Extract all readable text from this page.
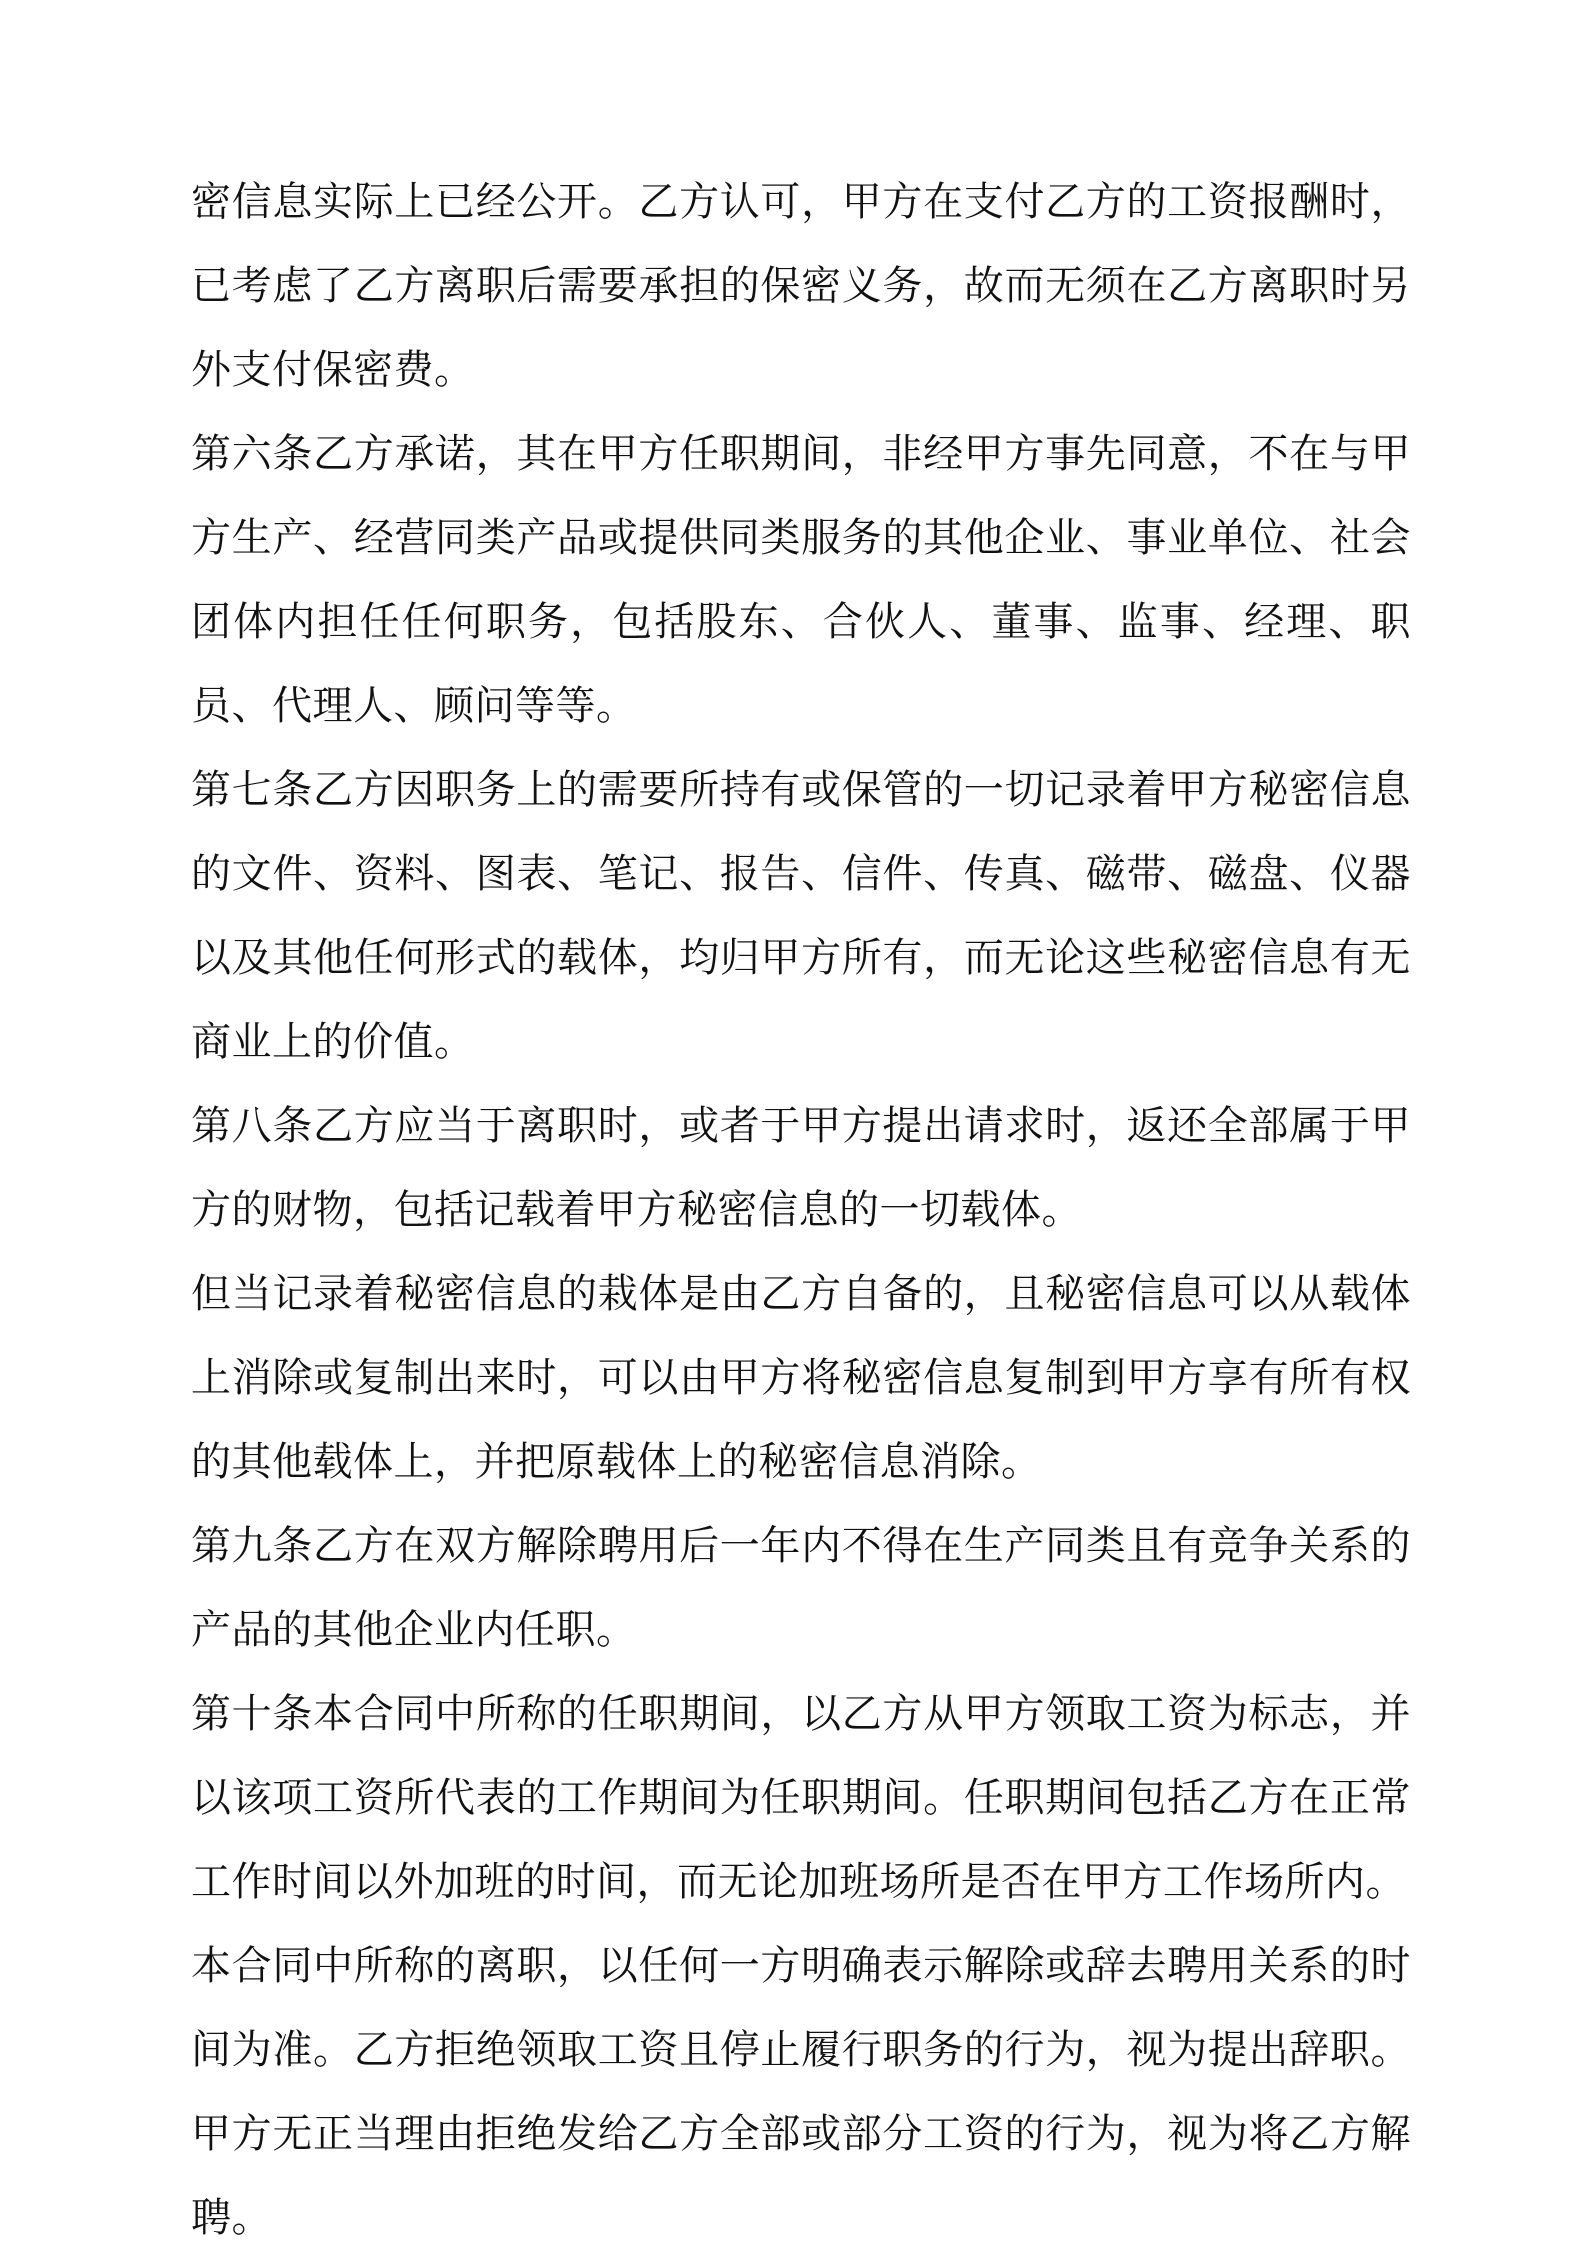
密信息实际上已经公开。乙方认可，甲方在支付乙方的工资报酬时，已考虑了乙方离职后需要承担的保密义务，故而无须在乙方离职时另外支付保密费。

第六条乙方承诺，其在甲方任职期间，非经甲方事先同意，不在与甲方生产、经营同类产品或提供同类服务的其他企业、事业单位、社会团体内担任任何职务，包括股东、合伙人、董事、监事、经理、职员、代理人、顾问等等。

第七条乙方因职务上的需要所持有或保管的一切记录着甲方秘密信息的文件、资料、图表、笔记、报告、信件、传真、磁带、磁盘、仪器以及其他任何形式的载体，均归甲方所有，而无论这些秘密信息有无商业上的价值。

第八条乙方应当于离职时，或者于甲方提出请求时，返还全部属于甲方的财物，包括记载着甲方秘密信息的一切载体。

但当记录着秘密信息的栽体是由乙方自备的，且秘密信息可以从载体上消除或复制出来时，可以由甲方将秘密信息复制到甲方享有所有权的其他载体上，并把原载体上的秘密信息消除。

第九条乙方在双方解除聘用后一年内不得在生产同类且有竞争关系的产品的其他企业内任职。

第十条本合同中所称的任职期间，以乙方从甲方领取工资为标志，并以该项工资所代表的工作期间为任职期间。任职期间包括乙方在正常工作时间以外加班的时间，而无论加班场所是否在甲方工作场所内。

本合同中所称的离职，以任何一方明确表示解除或辞去聘用关系的时间为准。乙方拒绝领取工资且停止履行职务的行为，视为提出辞职。甲方无正当理由拒绝发给乙方全部或部分工资的行为，视为将乙方解聘。
